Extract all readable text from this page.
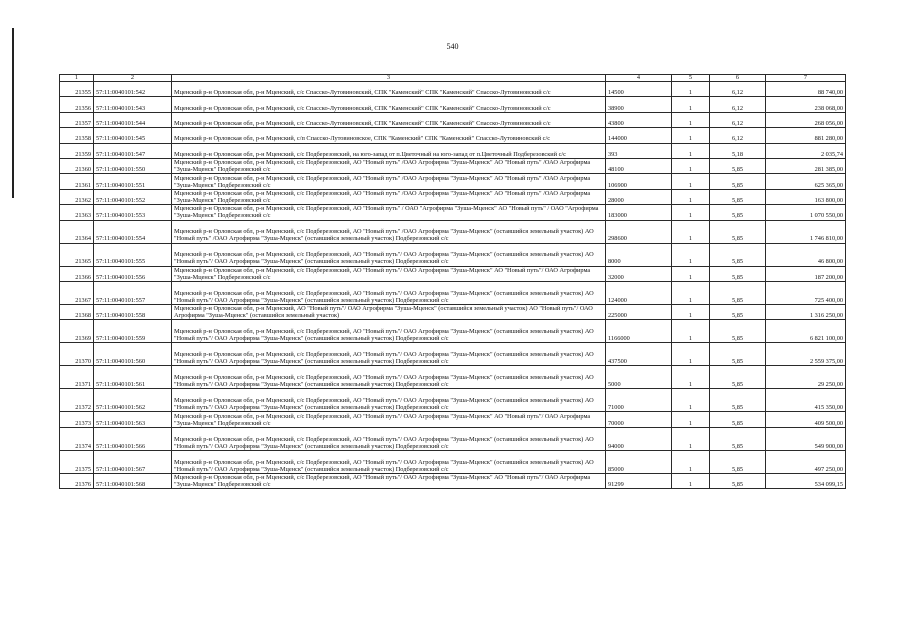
540
1	2	3	4	5	6	7
21355	57:11:0040101:542	Мценский р-н Орловская обл, р-н Мценский, с/с Спасско-Лутовиновский, СПК "Каменский" СПК "Каменский" Спасско-Лутовиновский с/с	14500	1	6,12	88 740,00
21356	57:11:0040101:543	Мценский р-н Орловская обл, р-н Мценский, с/с Спасско-Лутовиновский, СПК "Каменский" СПК "Каменский" Спасско-Лутовиновский с/с	38900	1	6,12	238 068,00
21357	57:11:0040101:544	Мценский р-н Орловская обл, р-н Мценский, с/с Спасско-Лутовиновский, СПК "Каменский" СПК "Каменский" Спасско-Лутовиновский с/с	43800	1	6,12	268 056,00
21358	57:11:0040101:545	Мценский р-н Орловская обл, р-н Мценский, с/п Спасско-Лутовиновское, СПК "Каменский" СПК "Каменский" Спасско-Лутовиновский с/с	144000	1	6,12	881 280,00
21359	57:11:0040101:547	Мценский р-н Орловская обл, р-н Мценский, с/с Подберезовский, на юго-запад от п.Цветочный на юго-запад от п.Цветочный Подберезовский с/с	393	1	5,18	2 035,74
21360	57:11:0040101:550	Мценский р-н Орловская обл, р-н Мценский, с/с Подберезовский, АО "Новый путь" /ОАО Агрофирма "Зуша-Мценск" АО "Новый путь" /ОАО Агрофирма "Зуша-Мценск" Подберезовский с/с	48100	1	5,85	281 385,00
21361	57:11:0040101:551	Мценский р-н Орловская обл, р-н Мценский, с/с Подберезовский, АО "Новый путь" /ОАО Агрофирма "Зуша-Мценск" АО "Новый путь" /ОАО Агрофирма "Зуша-Мценск" Подберезовский с/с	106900	1	5,85	625 365,00
21362	57:11:0040101:552	Мценский р-н Орловская обл, р-н Мценский, с/с Подберезовский, АО "Новый путь" /ОАО Агрофирма "Зуша-Мценск" АО "Новый путь" /ОАО Агрофирма "Зуша-Мценск" Подберезовский с/с	28000	1	5,85	163 800,00
21363	57:11:0040101:553	Мценский р-н Орловская обл, р-н Мценский, с/с Подберезовский, АО "Новый путь" / ОАО "Агрофирма "Зуша-Мценск" АО "Новый путь" / ОАО "Агрофирма "Зуша-Мценск" Подберезовский с/с	183000	1	5,85	1 070 550,00
21364	57:11:0040101:554	Мценский р-н Орловская обл, р-н Мценский, с/с Подберезовский, АО "Новый путь" /ОАО Агрофирма "Зуша-Мценск" (оставшийся земельный участок) АО "Новый путь" /ОАО Агрофирма "Зуша-Мценск" (оставшийся земельный участок) Подберезовский с/с	298600	1	5,85	1 746 810,00
21365	57:11:0040101:555	Мценский р-н Орловская обл, р-н Мценский, с/с Подберезовский, АО "Новый путь"/ ОАО Агрофирма "Зуша-Мценск" (оставшийся земельный участок) АО "Новый путь"/ ОАО Агрофирма "Зуша-Мценск" (оставшийся земельный участок) Подберезовский с/с	8000	1	5,85	46 800,00
21366	57:11:0040101:556	Мценский р-н Орловская обл, р-н Мценский, с/с Подберезовский, АО "Новый путь"/ ОАО Агрофирма "Зуша-Мценск" АО "Новый путь"/ ОАО Агрофирма "Зуша-Мценск" Подберезовский с/с	32000	1	5,85	187 200,00
21367	57:11:0040101:557	Мценский р-н Орловская обл, р-н Мценский, с/с Подберезовский, АО "Новый путь"/ ОАО Агрофирма "Зуша-Мценск" (оставшийся земельный участок) АО "Новый путь"/ ОАО Агрофирма "Зуша-Мценск" (оставшийся земельный участок) Подберезовский с/с	124000	1	5,85	725 400,00
21368	57:11:0040101:558	Мценский р-н Орловская обл, р-н Мценский, АО "Новый путь"/ ОАО Агрофирма "Зуша-Мценск" (оставшийся земельный участок) АО "Новый путь"/ ОАО Агрофирма "Зуша-Мценск" (оставшийся земельный участок)	225000	1	5,85	1 316 250,00
21369	57:11:0040101:559	Мценский р-н Орловская обл, р-н Мценский, с/с Подберезовский, АО "Новый путь"/ ОАО Агрофирма "Зуша-Мценск" (оставшийся земельный участок) АО "Новый путь"/ ОАО Агрофирма "Зуша-Мценск" (оставшийся земельный участок) Подберезовский с/с	1166000	1	5,85	6 821 100,00
21370	57:11:0040101:560	Мценский р-н Орловская обл, р-н Мценский, с/с Подберезовский, АО "Новый путь"/ ОАО Агрофирма "Зуша-Мценск" (оставшийся земельный участок) АО "Новый путь"/ ОАО Агрофирма "Зуша-Мценск" (оставшийся земельный участок) Подберезовский с/с	437500	1	5,85	2 559 375,00
21371	57:11:0040101:561	Мценский р-н Орловская обл, р-н Мценский, с/с Подберезовский, АО "Новый путь"/ ОАО Агрофирма "Зуша-Мценск" (оставшийся земельный участок) АО "Новый путь"/ ОАО Агрофирма "Зуша-Мценск" (оставшийся земельный участок) Подберезовский с/с	5000	1	5,85	29 250,00
21372	57:11:0040101:562	Мценский р-н Орловская обл, р-н Мценский, с/с Подберезовский, АО "Новый путь"/ ОАО Агрофирма "Зуша-Мценск" (оставшийся земельный участок) АО "Новый путь"/ ОАО Агрофирма "Зуша-Мценск" (оставшийся земельный участок) Подберезовский с/с	71000	1	5,85	415 350,00
21373	57:11:0040101:563	Мценский р-н Орловская обл, р-н Мценский, с/с Подберезовский, АО "Новый путь"/ ОАО Агрофирма "Зуша-Мценск" АО "Новый путь"/ ОАО Агрофирма "Зуша-Мценск" Подберезовский с/с	70000	1	5,85	409 500,00
21374	57:11:0040101:566	Мценский р-н Орловская обл, р-н Мценский, с/с Подберезовский, АО "Новый путь"/ ОАО Агрофирма "Зуша-Мценск" (оставшийся земельный участок) АО "Новый путь"/ ОАО Агрофирма "Зуша-Мценск" (оставшийся земельный участок) Подберезовский с/с	94000	1	5,85	549 900,00
21375	57:11:0040101:567	Мценский р-н Орловская обл, р-н Мценский, с/с Подберезовский, АО "Новый путь"/ ОАО Агрофирма "Зуша-Мценск" (оставшийся земельный участок) АО "Новый путь"/ ОАО Агрофирма "Зуша-Мценск" (оставшийся земельный участок) Подберезовский с/с	85000	1	5,85	497 250,00
21376	57:11:0040101:568	Мценский р-н Орловская обл, р-н Мценский, с/с Подберезовский, АО "Новый путь"/ ОАО Агрофирма "Зуша-Мценск" АО "Новый путь"/ ОАО Агрофирма "Зуша-Мценск" Подберезовский с/с	91299	1	5,85	534 099,15
